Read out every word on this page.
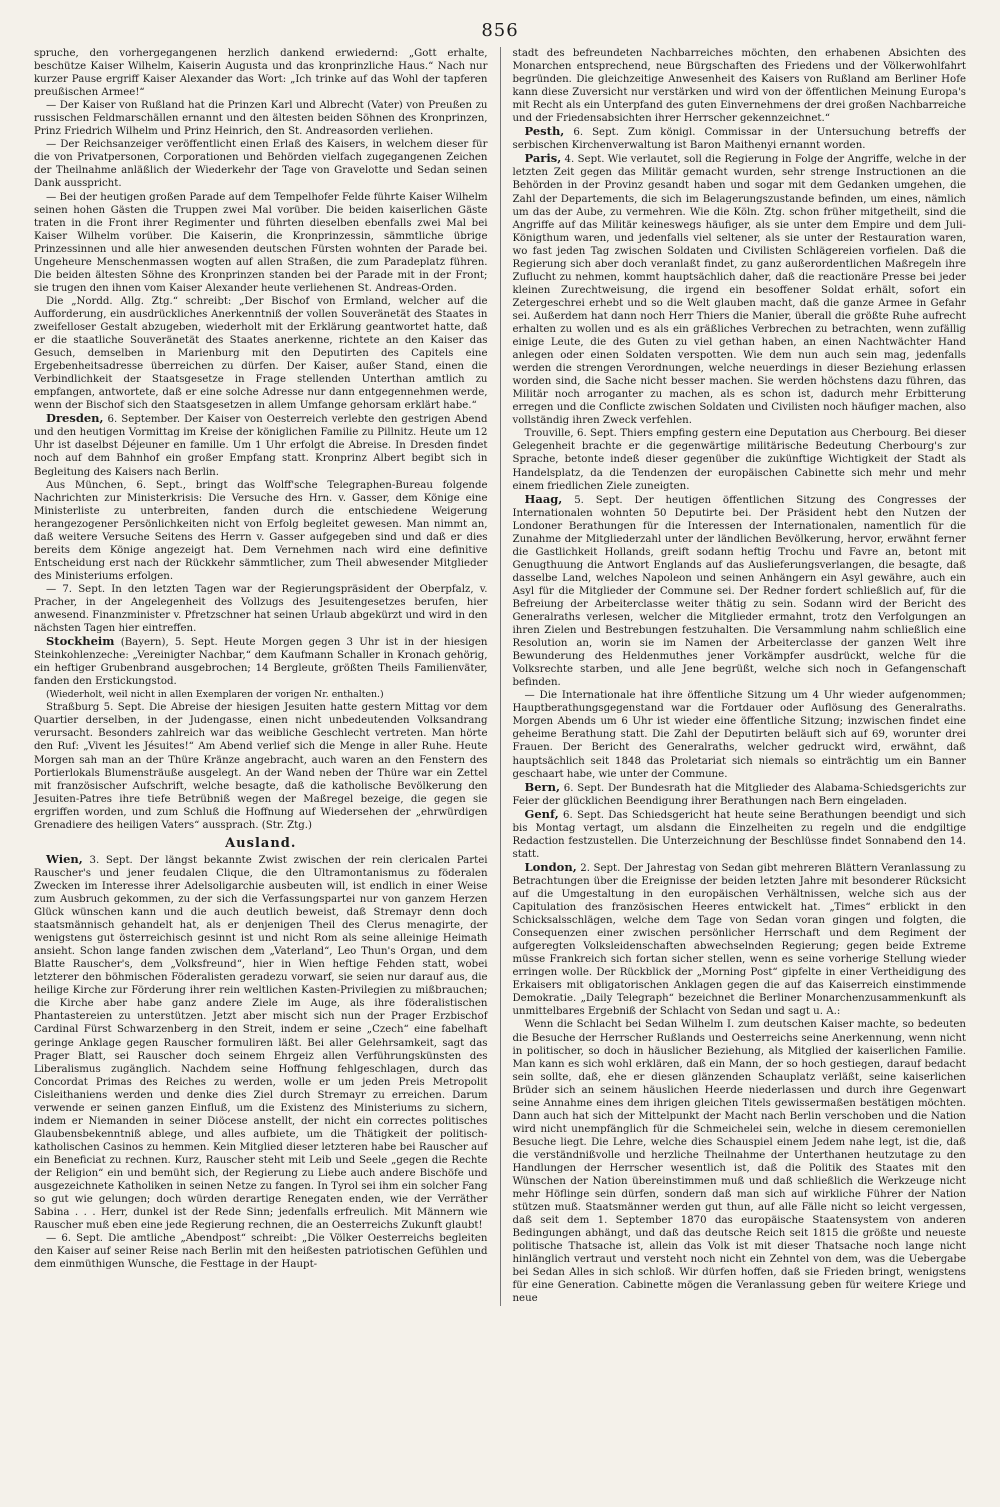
856

spruche, den vorhergegangenen herzlich dankend erwiedernd: „Gott erhalte, beschütze Kaiser Wilhelm, Kaiserin Augusta und das kronprinzliche Haus.“ Nach nur kurzer Pause ergriff Kaiser Alexander das Wort: „Ich trinke auf das Wohl der tapferen preußischen Armee!“

— Der Kaiser von Rußland hat die Prinzen Karl und Albrecht (Vater) von Preußen zu russischen Feldmarschällen ernannt und den ältesten beiden Söhnen des Kronprinzen, Prinz Friedrich Wilhelm und Prinz Heinrich, den St. Andreasorden verliehen.

— Der Reichsanzeiger veröffentlicht einen Erlaß des Kaisers, in welchem dieser für die von Privatpersonen, Corporationen und Behörden vielfach zugegangenen Zeichen der Theilnahme anläßlich der Wiederkehr der Tage von Gravelotte und Sedan seinen Dank ausspricht.

— Bei der heutigen großen Parade auf dem Tempelhofer Felde führte Kaiser Wilhelm seinen hohen Gästen die Truppen zwei Mal vorüber. Die beiden kaiserlichen Gäste traten in die Front ihrer Regimenter und führten dieselben ebenfalls zwei Mal bei Kaiser Wilhelm vorüber. Die Kaiserin, die Kronprinzessin, sämmtliche übrige Prinzessinnen und alle hier anwesenden deutschen Fürsten wohnten der Parade bei. Ungeheure Menschenmassen wogten auf allen Straßen, die zum Paradeplatz führen. Die beiden ältesten Söhne des Kronprinzen standen bei der Parade mit in der Front; sie trugen den ihnen vom Kaiser Alexander heute verliehenen St. Andreas-Orden.

Die „Nordd. Allg. Ztg.“ schreibt: „Der Bischof von Ermland, welcher auf die Aufforderung, ein ausdrückliches Anerkenntniß der vollen Souveränetät des Staates in zweifelloser Gestalt abzugeben, wiederholt mit der Erklärung geantwortet hatte, daß er die staatliche Souveränetät des Staates anerkenne, richtete an den Kaiser das Gesuch, demselben in Marienburg mit den Deputirten des Capitels eine Ergebenheitsadresse überreichen zu dürfen. Der Kaiser, außer Stand, einen die Verbindlichkeit der Staatsgesetze in Frage stellenden Unterthan amtlich zu empfangen, antwortete, daß er eine solche Adresse nur dann entgegennehmen werde, wenn der Bischof sich den Staatsgesetzen in allem Umfange gehorsam erklärt habe.“

Dresden, 6. September. Der Kaiser von Oesterreich verlebte den gestrigen Abend und den heutigen Vormittag im Kreise der königlichen Familie zu Pillnitz. Heute um 12 Uhr ist daselbst Déjeuner en famille. Um 1 Uhr erfolgt die Abreise. In Dresden findet noch auf dem Bahnhof ein großer Empfang statt. Kronprinz Albert begibt sich in Begleitung des Kaisers nach Berlin.

Aus München, 6. Sept., bringt das Wolff'sche Telegraphen-Bureau folgende Nachrichten zur Ministerkrisis: Die Versuche des Hrn. v. Gasser, dem Könige eine Ministerliste zu unterbreiten, fanden durch die entschiedene Weigerung herangezogener Persönlichkeiten nicht von Erfolg begleitet gewesen. Man nimmt an, daß weitere Versuche Seitens des Herrn v. Gasser aufgegeben sind und daß er dies bereits dem Könige angezeigt hat. Dem Vernehmen nach wird eine definitive Entscheidung erst nach der Rückkehr sämmtlicher, zum Theil abwesender Mitglieder des Ministeriums erfolgen.

— 7. Sept. In den letzten Tagen war der Regierungspräsident der Oberpfalz, v. Pracher, in der Angelegenheit des Vollzugs des Jesuitengesetzes berufen, hier anwesend. Finanzminister v. Pfretzschner hat seinen Urlaub abgekürzt und wird in den nächsten Tagen hier eintreffen.

Stockheim (Bayern), 5. Sept. Heute Morgen gegen 3 Uhr ist in der hiesigen Steinkohlenzeche: „Vereinigter Nachbar,“ dem Kaufmann Schaller in Kronach gehörig, ein heftiger Grubenbrand ausgebrochen; 14 Bergleute, größten Theils Familienväter, fanden den Erstickungstod.

(Wiederholt, weil nicht in allen Exemplaren der vorigen Nr. enthalten.)

Straßburg 5. Sept. Die Abreise der hiesigen Jesuiten hatte gestern Mittag vor dem Quartier derselben, in der Judengasse, einen nicht unbedeutenden Volksandrang verursacht. Besonders zahlreich war das weibliche Geschlecht vertreten. Man hörte den Ruf: „Vivent les Jésuites!“ Am Abend verlief sich die Menge in aller Ruhe. Heute Morgen sah man an der Thüre Kränze angebracht, auch waren an den Fenstern des Portierlokals Blumensträuße ausgelegt. An der Wand neben der Thüre war ein Zettel mit französischer Aufschrift, welche besagte, daß die katholische Bevölkerung den Jesuiten-Patres ihre tiefe Betrübniß wegen der Maßregel bezeige, die gegen sie ergriffen worden, und zum Schluß die Hoffnung auf Wiedersehen der „ehrwürdigen Grenadiere des heiligen Vaters“ aussprach. (Str. Ztg.)

Ausland.

Wien, 3. Sept. Der längst bekannte Zwist zwischen der rein clericalen Partei Rauscher's und jener feudalen Clique, die den Ultramontanismus zu föderalen Zwecken im Interesse ihrer Adelsoligarchie ausbeuten will, ist endlich in einer Weise zum Ausbruch gekommen, zu der sich die Verfassungspartei nur von ganzem Herzen Glück wünschen kann und die auch deutlich beweist, daß Stremayr denn doch staatsmännisch gehandelt hat, als er denjenigen Theil des Clerus menagirte, der wenigstens gut österreichisch gesinnt ist und nicht Rom als seine alleinige Heimath ansieht. Schon lange fanden zwischen dem „Vaterland“, Leo Thun's Organ, und dem Blatte Rauscher's, dem „Volksfreund“, hier in Wien heftige Fehden statt, wobei letzterer den böhmischen Föderalisten geradezu vorwarf, sie seien nur darauf aus, die heilige Kirche zur Förderung ihrer rein weltlichen Kasten-Privilegien zu mißbrauchen; die Kirche aber habe ganz andere Ziele im Auge, als ihre föderalistischen Phantastereien zu unterstützen. Jetzt aber mischt sich nun der Prager Erzbischof Cardinal Fürst Schwarzenberg in den Streit, indem er seine „Czech“ eine fabelhaft geringe Anklage gegen Rauscher formuliren läßt. Bei aller Gelehrsamkeit, sagt das Prager Blatt, sei Rauscher doch seinem Ehrgeiz allen Verführungskünsten des Liberalismus zugänglich. Nachdem seine Hoffnung fehlgeschlagen, durch das Concordat Primas des Reiches zu werden, wolle er um jeden Preis Metropolit Cisleithaniens werden und denke dies Ziel durch Stremayr zu erreichen. Darum verwende er seinen ganzen Einfluß, um die Existenz des Ministeriums zu sichern, indem er Niemanden in seiner Diöcese anstellt, der nicht ein correctes politisches Glaubensbekenntniß ablege, und alles aufbiete, um die Thätigkeit der politisch-katholischen Casinos zu hemmen. Kein Mitglied dieser letzteren habe bei Rauscher auf ein Beneficiat zu rechnen. Kurz, Rauscher steht mit Leib und Seele „gegen die Rechte der Religion“ ein und bemüht sich, der Regierung zu Liebe auch andere Bischöfe und ausgezeichnete Katholiken in seinen Netze zu fangen. In Tyrol sei ihm ein solcher Fang so gut wie gelungen; doch würden derartige Renegaten enden, wie der Verräther Sabina . . . Herr, dunkel ist der Rede Sinn; jedenfalls erfreulich. Mit Männern wie Rauscher muß eben eine jede Regierung rechnen, die an Oesterreichs Zukunft glaubt!

— 6. Sept. Die amtliche „Abendpost“ schreibt: „Die Völker Oesterreichs begleiten den Kaiser auf seiner Reise nach Berlin mit den heißesten patriotischen Gefühlen und dem einmüthigen Wunsche, die Festtage in der Haupt-

stadt des befreundeten Nachbarreiches möchten, den erhabenen Absichten des Monarchen entsprechend, neue Bürgschaften des Friedens und der Völkerwohlfahrt begründen. Die gleichzeitige Anwesenheit des Kaisers von Rußland am Berliner Hofe kann diese Zuversicht nur verstärken und wird von der öffentlichen Meinung Europa's mit Recht als ein Unterpfand des guten Einvernehmens der drei großen Nachbarreiche und der Friedensabsichten ihrer Herrscher gekennzeichnet.“

Pesth, 6. Sept. Zum königl. Commissar in der Untersuchung betreffs der serbischen Kirchenverwaltung ist Baron Maithenyi ernannt worden.

Paris, 4. Sept. Wie verlautet, soll die Regierung in Folge der Angriffe, welche in der letzten Zeit gegen das Militär gemacht wurden, sehr strenge Instructionen an die Behörden in der Provinz gesandt haben und sogar mit dem Gedanken umgehen, die Zahl der Departements, die sich im Belagerungszustande befinden, um eines, nämlich um das der Aube, zu vermehren. Wie die Köln. Ztg. schon früher mitgetheilt, sind die Angriffe auf das Militär keineswegs häufiger, als sie unter dem Empire und dem Juli-Königthum waren, und jedenfalls viel seltener, als sie unter der Restauration waren, wo fast jeden Tag zwischen Soldaten und Civilisten Schlägereien vorfielen. Daß die Regierung sich aber doch veranlaßt findet, zu ganz außerordentlichen Maßregeln ihre Zuflucht zu nehmen, kommt hauptsächlich daher, daß die reactionäre Presse bei jeder kleinen Zurechtweisung, die irgend ein besoffener Soldat erhält, sofort ein Zetergeschrei erhebt und so die Welt glauben macht, daß die ganze Armee in Gefahr sei. Außerdem hat dann noch Herr Thiers die Manier, überall die größte Ruhe aufrecht erhalten zu wollen und es als ein gräßliches Verbrechen zu betrachten, wenn zufällig einige Leute, die des Guten zu viel gethan haben, an einen Nachtwächter Hand anlegen oder einen Soldaten verspotten. Wie dem nun auch sein mag, jedenfalls werden die strengen Verordnungen, welche neuerdings in dieser Beziehung erlassen worden sind, die Sache nicht besser machen. Sie werden höchstens dazu führen, das Militär noch arroganter zu machen, als es schon ist, dadurch mehr Erbitterung erregen und die Conflicte zwischen Soldaten und Civilisten noch häufiger machen, also vollständig ihren Zweck verfehlen.

Trouville, 6. Sept. Thiers empfing gestern eine Deputation aus Cherbourg. Bei dieser Gelegenheit brachte er die gegenwärtige militärische Bedeutung Cherbourg's zur Sprache, betonte indeß dieser gegenüber die zukünftige Wichtigkeit der Stadt als Handelsplatz, da die Tendenzen der europäischen Cabinette sich mehr und mehr einem friedlichen Ziele zuneigten.

Haag, 5. Sept. Der heutigen öffentlichen Sitzung des Congresses der Internationalen wohnten 50 Deputirte bei. Der Präsident hebt den Nutzen der Londoner Berathungen für die Interessen der Internationalen, namentlich für die Zunahme der Mitgliederzahl unter der ländlichen Bevölkerung, hervor, erwähnt ferner die Gastlichkeit Hollands, greift sodann heftig Trochu und Favre an, betont mit Genugthuung die Antwort Englands auf das Auslieferungsverlangen, die besagte, daß dasselbe Land, welches Napoleon und seinen Anhängern ein Asyl gewähre, auch ein Asyl für die Mitglieder der Commune sei. Der Redner fordert schließlich auf, für die Befreiung der Arbeiterclasse weiter thätig zu sein. Sodann wird der Bericht des Generalraths verlesen, welcher die Mitglieder ermahnt, trotz den Verfolgungen an ihren Zielen und Bestrebungen festzuhalten. Die Versammlung nahm schließlich eine Resolution an, worin sie im Namen der Arbeiterclasse der ganzen Welt ihre Bewunderung des Heldenmuthes jener Vorkämpfer ausdrückt, welche für die Volksrechte starben, und alle Jene begrüßt, welche sich noch in Gefangenschaft befinden.

— Die Internationale hat ihre öffentliche Sitzung um 4 Uhr wieder aufgenommen; Hauptberathungsgegenstand war die Fortdauer oder Auflösung des Generalraths. Morgen Abends um 6 Uhr ist wieder eine öffentliche Sitzung; inzwischen findet eine geheime Berathung statt. Die Zahl der Deputirten beläuft sich auf 69, worunter drei Frauen. Der Bericht des Generalraths, welcher gedruckt wird, erwähnt, daß hauptsächlich seit 1848 das Proletariat sich niemals so einträchtig um ein Banner geschaart habe, wie unter der Commune.

Bern, 6. Sept. Der Bundesrath hat die Mitglieder des Alabama-Schiedsgerichts zur Feier der glücklichen Beendigung ihrer Berathungen nach Bern eingeladen.

Genf, 6. Sept. Das Schiedsgericht hat heute seine Berathungen beendigt und sich bis Montag vertagt, um alsdann die Einzelheiten zu regeln und die endgiltige Redaction festzustellen. Die Unterzeichnung der Beschlüsse findet Sonnabend den 14. statt.

London, 2. Sept. Der Jahrestag von Sedan gibt mehreren Blättern Veranlassung zu Betrachtungen über die Ereignisse der beiden letzten Jahre mit besonderer Rücksicht auf die Umgestaltung in den europäischen Verhältnissen, welche sich aus der Capitulation des französischen Heeres entwickelt hat. „Times“ erblickt in den Schicksalsschlägen, welche dem Tage von Sedan voran gingen und folgten, die Consequenzen einer zwischen persönlicher Herrschaft und dem Regiment der aufgeregten Volksleidenschaften abwechselnden Regierung; gegen beide Extreme müsse Frankreich sich fortan sicher stellen, wenn es seine vorherige Stellung wieder erringen wolle. Der Rückblick der „Morning Post“ gipfelte in einer Vertheidigung des Erkaisers mit obligatorischen Anklagen gegen die auf das Kaiserreich einstimmende Demokratie. „Daily Telegraph“ bezeichnet die Berliner Monarchenzusammenkunft als unmittelbares Ergebniß der Schlacht von Sedan und sagt u. A.:

Wenn die Schlacht bei Sedan Wilhelm I. zum deutschen Kaiser machte, so bedeuten die Besuche der Herrscher Rußlands und Oesterreichs seine Anerkennung, wenn nicht in politischer, so doch in häuslicher Beziehung, als Mitglied der kaiserlichen Familie. Man kann es sich wohl erklären, daß ein Mann, der so hoch gestiegen, darauf bedacht sein sollte, daß, ehe er diesen glänzenden Schauplatz verläßt, seine kaiserlichen Brüder sich an seinem häuslichen Heerde niederlassen und durch ihre Gegenwart seine Annahme eines dem ihrigen gleichen Titels gewissermaßen bestätigen möchten. Dann auch hat sich der Mittelpunkt der Macht nach Berlin verschoben und die Nation wird nicht unempfänglich für die Schmeichelei sein, welche in diesem ceremoniellen Besuche liegt. Die Lehre, welche dies Schauspiel einem Jedem nahe legt, ist die, daß die verständnißvolle und herzliche Theilnahme der Unterthanen heutzutage zu den Handlungen der Herrscher wesentlich ist, daß die Politik des Staates mit den Wünschen der Nation übereinstimmen muß und daß schließlich die Werkzeuge nicht mehr Höflinge sein dürfen, sondern daß man sich auf wirkliche Führer der Nation stützen muß. Staatsmänner werden gut thun, auf alle Fälle nicht so leicht vergessen, daß seit dem 1. September 1870 das europäische Staatensystem von anderen Bedingungen abhängt, und daß das deutsche Reich seit 1815 die größte und neueste politische Thatsache ist, allein das Volk ist mit dieser Thatsache noch lange nicht hinlänglich vertraut und versteht noch nicht ein Zehntel von dem, was die Uebergabe bei Sedan Alles in sich schloß. Wir dürfen hoffen, daß sie Frieden bringt, wenigstens für eine Generation. Cabinette mögen die Veranlassung geben für weitere Kriege und neue
